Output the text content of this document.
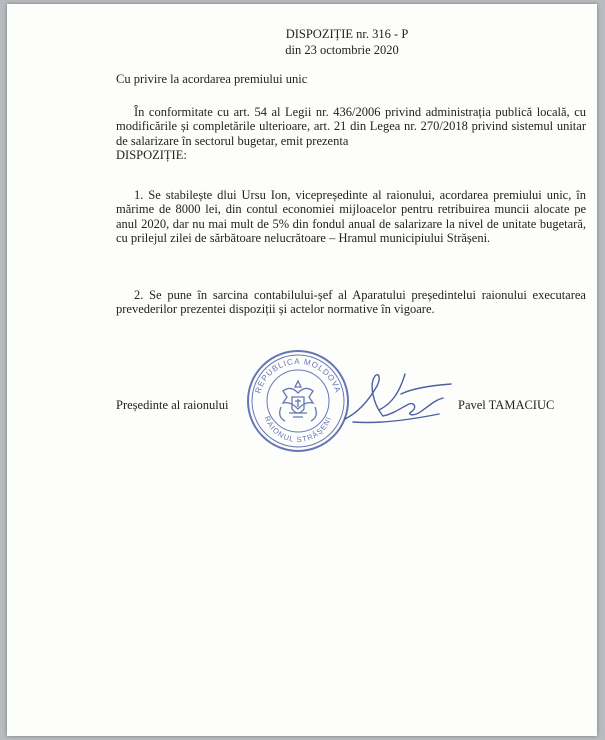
DISPOZIȚIE nr. 316 - P
din 23 octombrie 2020
Cu privire la acordarea premiului unic
În conformitate cu art. 54 al Legii nr. 436/2006 privind administrația publică locală, cu modificările și completările ulterioare, art. 21 din Legea nr. 270/2018 privind sistemul unitar de salarizare în sectorul bugetar, emit prezenta
DISPOZIȚIE:
1. Se stabilește dlui Ursu Ion, vicepreședinte al raionului, acordarea premiului unic, în mărime de 8000 lei, din contul economiei mijloacelor pentru retribuirea muncii alocate pe anul 2020, dar nu mai mult de 5% din fondul anual de salarizare la nivel de unitate bugetară, cu prilejul zilei de sărbătoare nelucrătoare – Hramul municipiului Strășeni.
2. Se pune în sarcina contabilului-șef al Aparatului președintelui raionului executarea prevederilor prezentei dispoziții și actelor normative în vigoare.
Președinte al raionului
REPUBLICA MOLDOVA
RAIONUL STRĂȘENI
Pavel TAMACIUC
